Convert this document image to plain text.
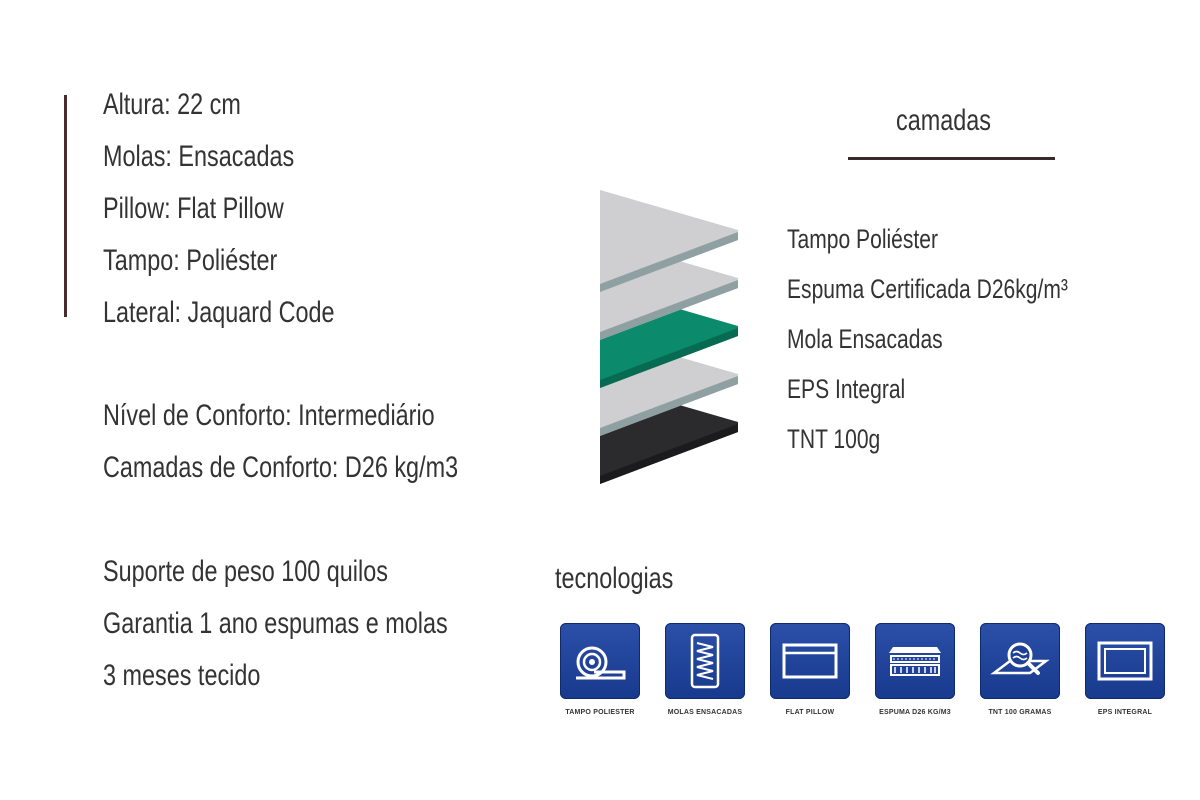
Altura: 22 cm
Molas: Ensacadas
Pillow: Flat Pillow
Tampo: Poliéster
Lateral: Jaquard Code
Nível de Conforto: Intermediário
Camadas de Conforto: D26 kg/m3
Suporte de peso 100 quilos
Garantia 1 ano espumas e molas
3 meses tecido
camadas
Tampo Poliéster
Espuma Certificada D26kg/m³
Mola Ensacadas
EPS Integral
TNT 100g
tecnologias
TAMPO POLIESTER	MOLAS ENSACADAS	FLAT PILLOW	ESPUMA D26 KG/M3	TNT 100 GRAMAS	EPS INTEGRAL
